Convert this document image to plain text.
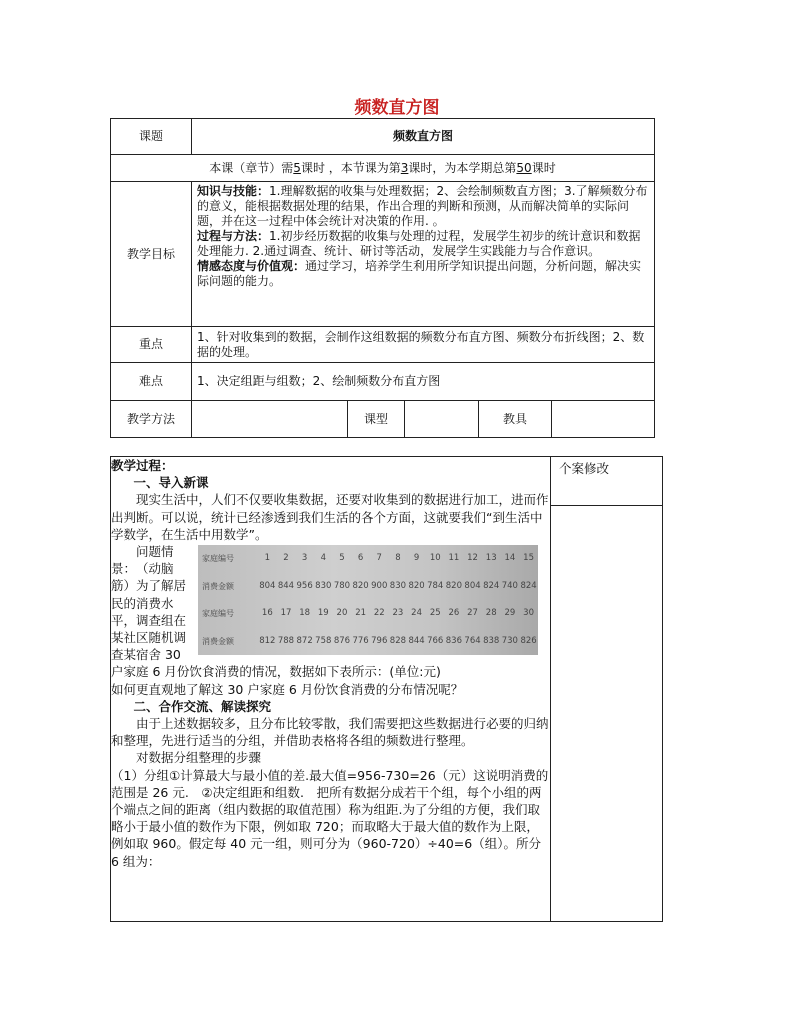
频数直方图
课题	频数直方图				
本课（章节）需5课时 ，本节课为第3课时，为本学期总第50课时					
教学目标	知识与技能：1.理解数据的收集与处理数据；2、会绘制频数直方图；3.了解频数分布的意义，能根据数据处理的结果，作出合理的判断和预测，从而解决简单的实际问题，并在这一过程中体会统计对决策的作用. 。
过程与方法：1.初步经历数据的收集与处理的过程，发展学生初步的统计意识和数据处理能力. 2.通过调查、统计、研讨等活动，发展学生实践能力与合作意识。
情感态度与价值观：通过学习，培养学生利用所学知识提出问题，分析问题，解决实际问题的能力。				
重点	1、针对收集到的数据，会制作这组数据的频数分布直方图、频数分布折线图；2、数据的处理。				
难点	1、决定组距与组数；2、绘制频数分布直方图				
教学方法		课型		教具	

教学过程：

一、导入新课

现实生活中，人们不仅要收集数据，还要对收集到的数据进行加工，进而作出判断。可以说，统计已经渗透到我们生活的各个方面，这就要我们“到生活中学数学，在生活中用数学”。

家庭编号	1	2	3	4	5	6	7	8	9	10	11	12	13	14	15
消费金额	804	844	956	830	780	820	900	830	820	784	820	804	824	740	824
家庭编号	16	17	18	19	20	21	22	23	24	25	26	27	28	29	30
消费金额	812	788	872	758	876	776	796	828	844	766	836	764	838	730	826

问题情景：　（动脑筋）为了解居民的消费水平，调查组在某社区随机调查某宿舍 30 户家庭 6 月份饮食消费的情况，数据如下表所示：(单位:元)

如何更直观地了解这 30 户家庭 6 月份饮食消费的分布情况呢？

二、合作交流、解读探究

由于上述数据较多，且分布比较零散，我们需要把这些数据进行必要的归纳和整理，先进行适当的分组，并借助表格将各组的频数进行整理。

对数据分组整理的步骤

（1）分组①计算最大与最小值的差.最大值=956-730=26（元）这说明消费的范围是 26 元.　②决定组距和组数.　把所有数据分成若干个组，每个小组的两个端点之间的距离（组内数据的取值范围）称为组距.为了分组的方便，我们取略小于最小值的数作为下限，例如取 720；而取略大于最大值的数作为上限，例如取 960。假定每 40 元一组，则可分为（960-720）÷40=6（组）。所分 6 组为：

	个案修改
